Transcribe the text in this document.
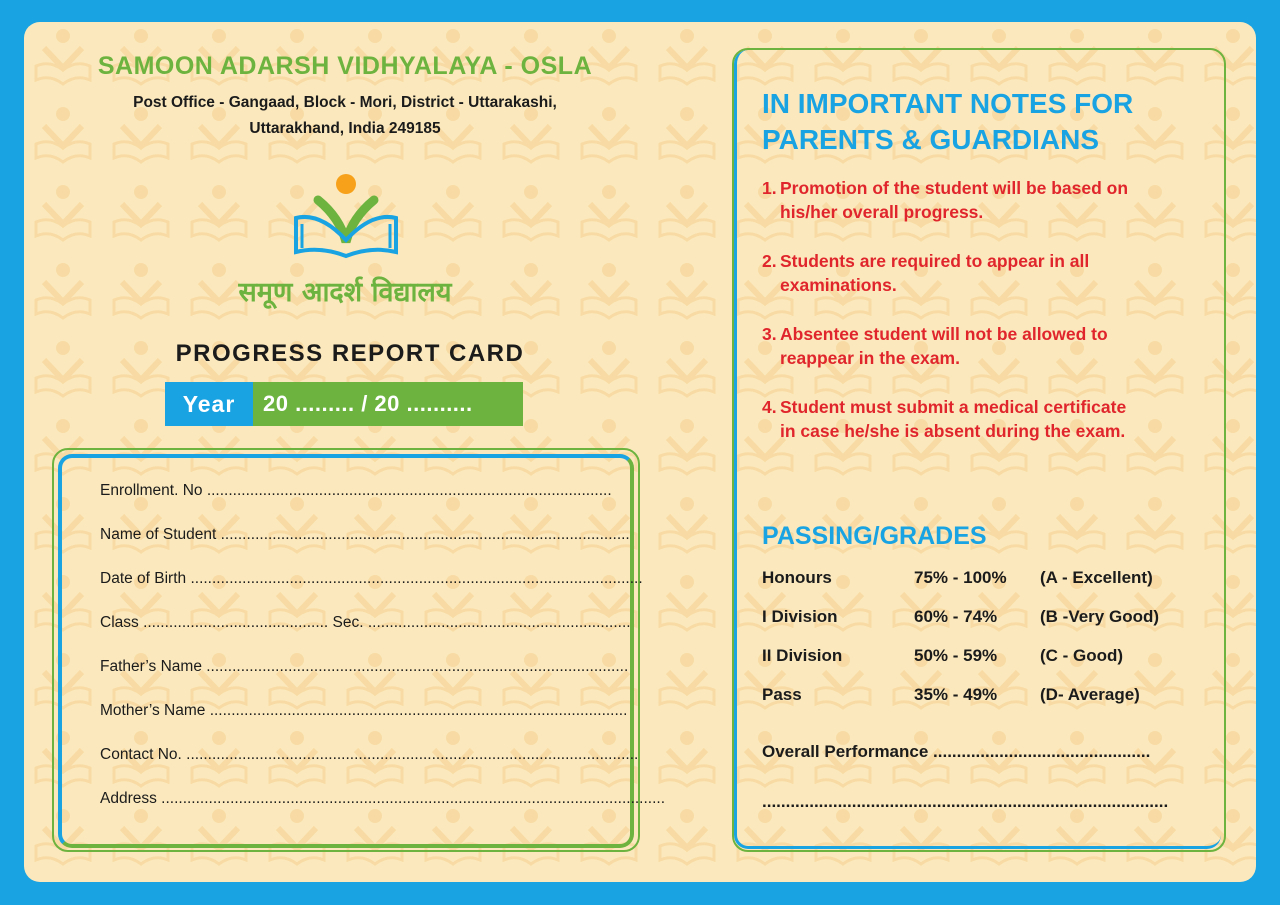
SAMOON ADARSH VIDHYALAYA - OSLA
Post Office - Gangaad, Block - Mori, District - Uttarakashi,
Uttarakhand, India 249185
समूण आदर्श विद्यालय
PROGRESS REPORT CARD
Year	20 ......... / 20 ..........
Enrollment. No ..............................................................................................
Name of Student ...............................................................................................
Date of Birth .........................................................................................................
Class ........................................... Sec. .............................................................
Father’s Name ..................................................................................................
Mother’s Name .................................................................................................
Contact No. .........................................................................................................
Address .....................................................................................................................
IN IMPORTANT NOTES FOR PARENTS & GUARDIANS
1. Promotion of the student will be based on his/her overall progress.
2. Students are required to appear in all examinations.
3. Absentee student will not be allowed to reappear in the exam.
4. Student must submit a medical certificate in case he/she is absent during the exam.
PASSING/GRADES
Honours	75% - 100% (A - Excellent)
I Division	60% - 74%	(B -Very Good)
II Division	50% - 59%	(C - Good)
Pass	35% - 49%	(D- Average)
Overall Performance ..............................................
......................................................................................
